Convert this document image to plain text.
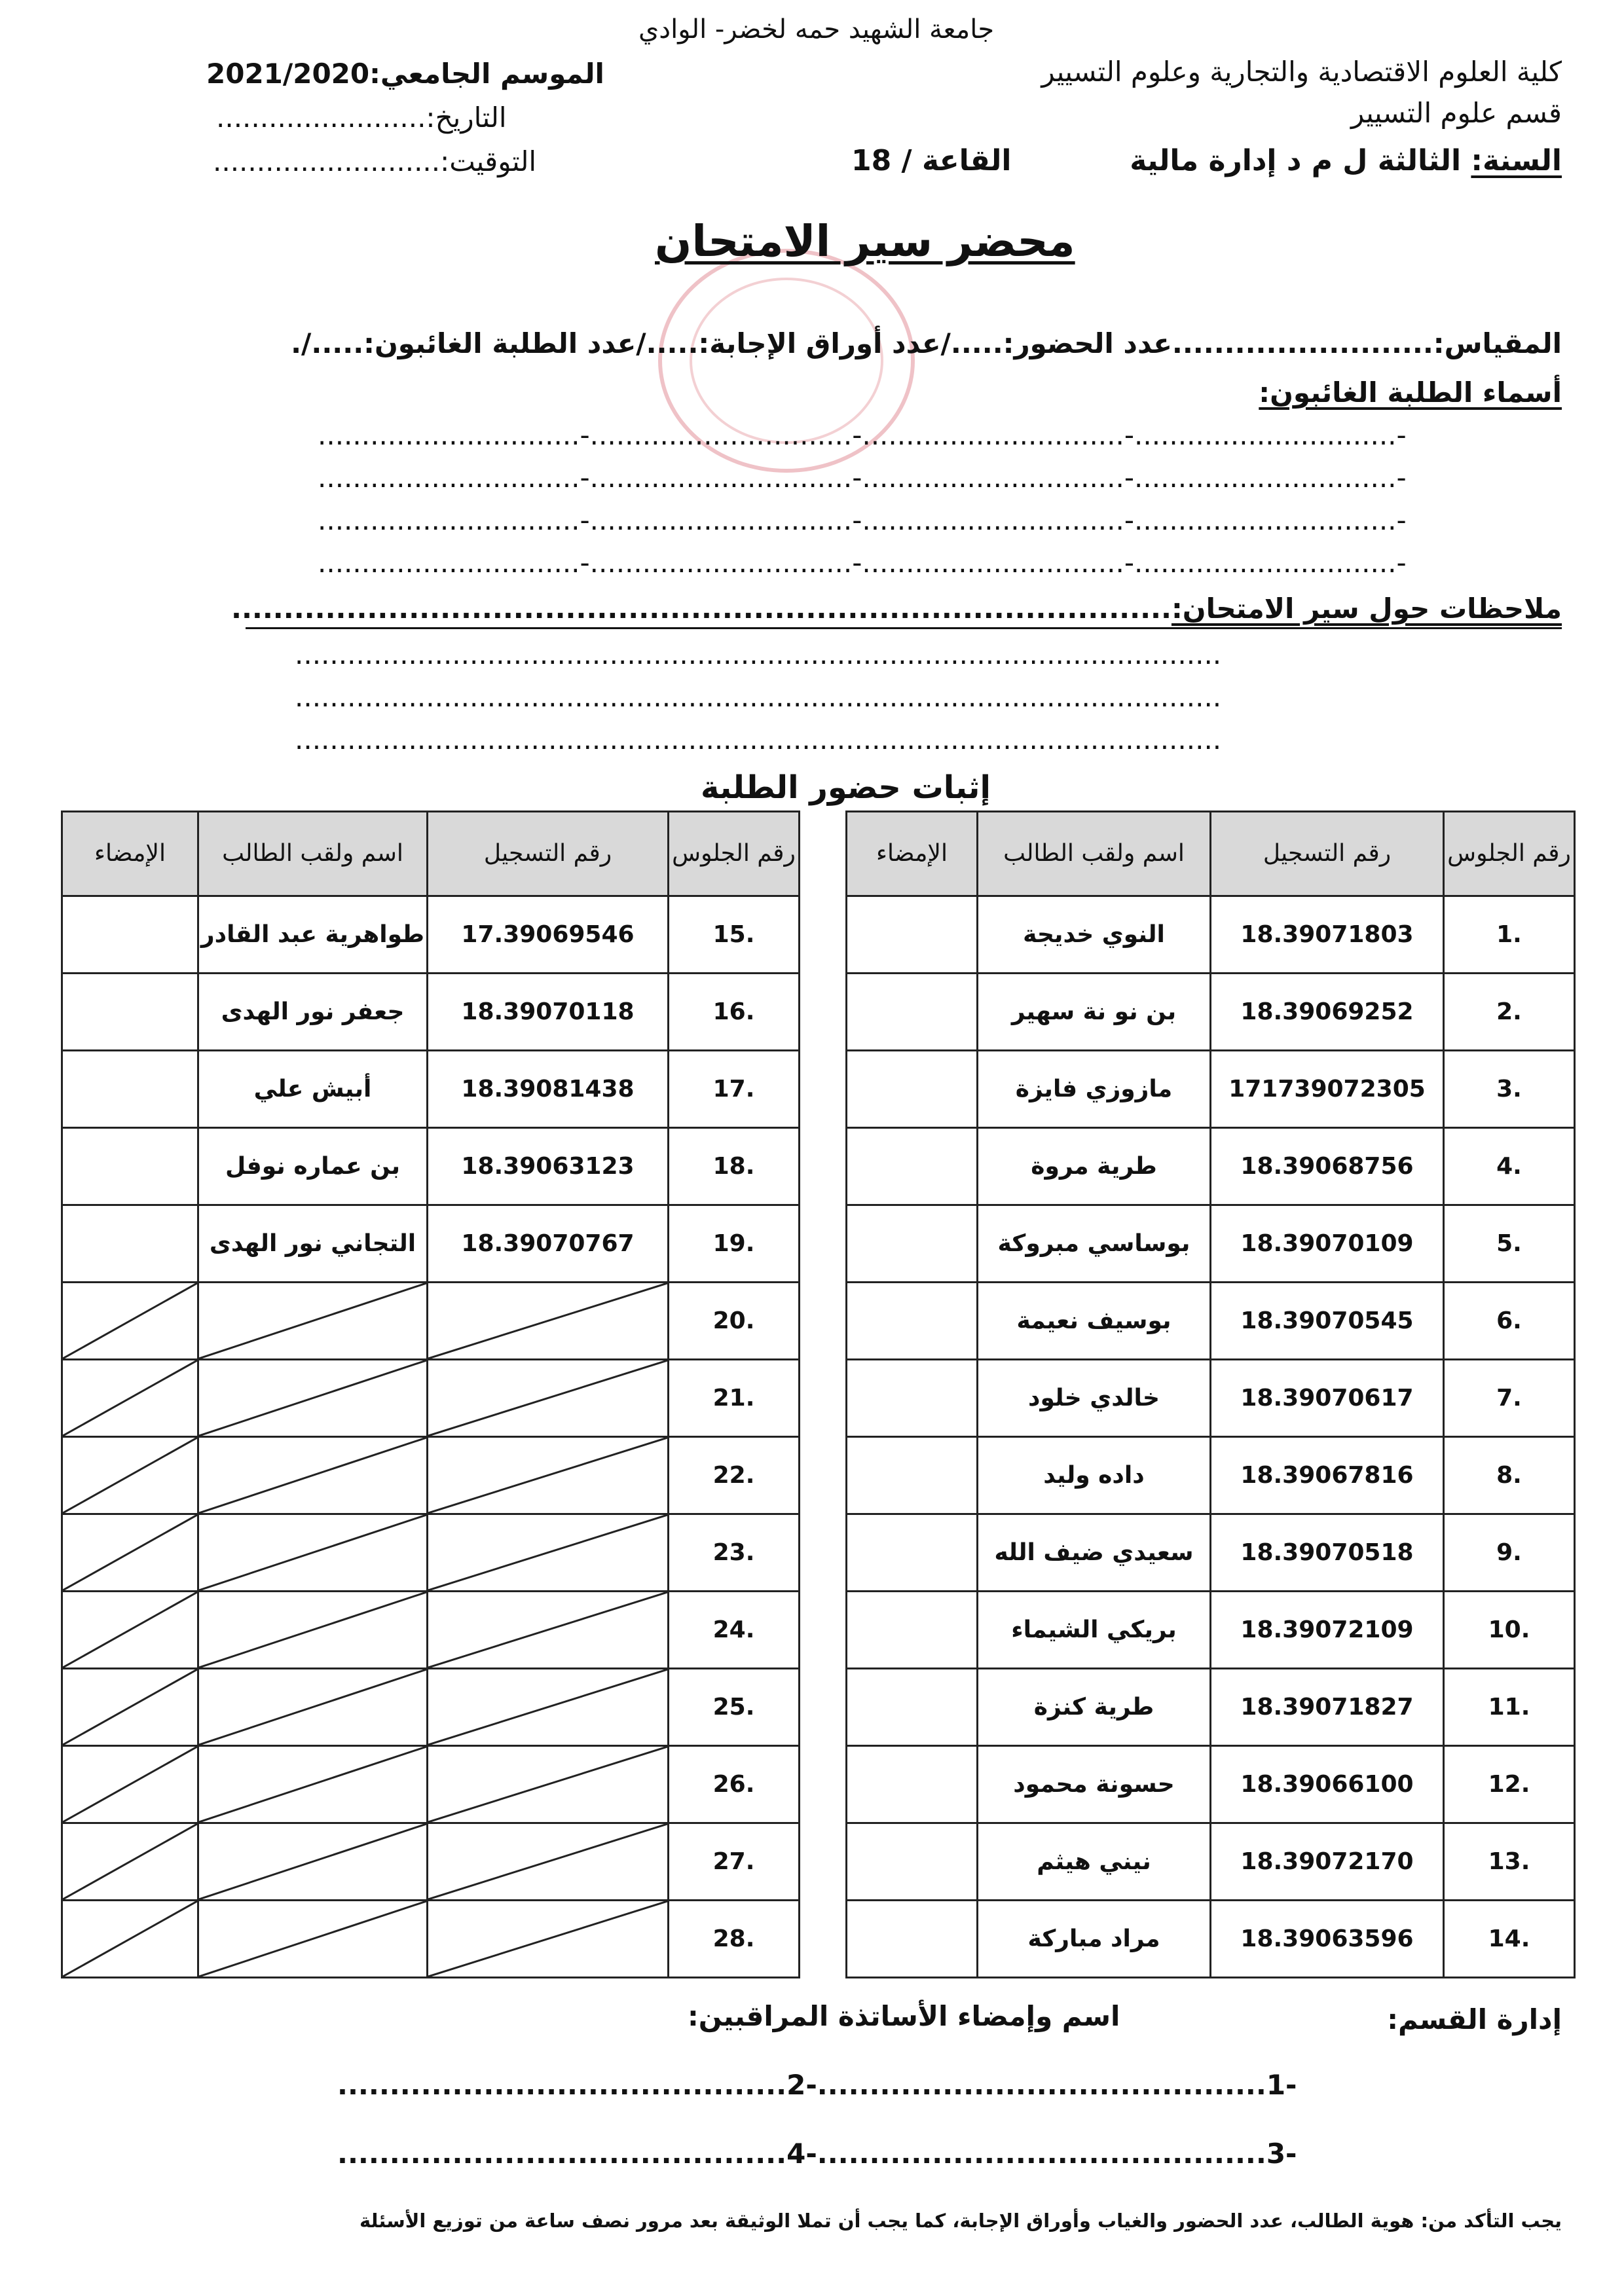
جامعة الشهيد حمه لخضر- الوادي
كلية العلوم الاقتصادية والتجارية وعلوم التسيير
قسم علوم التسيير
السنة: الثالثة ل م د إدارة مالية
القاعة / 18
الموسم الجامعي:2021/2020
التاريخ:........................
التوقيت:..........................
محضر سير الامتحان
المقياس:.........................عدد الحضور:...../عدد أوراق الإجابة:...../عدد الطلبة الغائبون:...../.
أسماء الطلبة الغائبون:
-..............................-..............................-..............................-..............................
-..............................-..............................-..............................-..............................
-..............................-..............................-..............................-..............................
-..............................-..............................-..............................-..............................
ملاحظات حول سير الامتحان:..........................................................................................
..........................................................................................................
..........................................................................................................
..........................................................................................................
إثبات حضور الطلبة
رقم الجلوس	رقم التسجيل	اسم ولقب الطالب	الإمضاء
1.	18.39071803	النوي خديجة	
2.	18.39069252	بن نو نة سهير	
3.	171739072305	مازوزي فايزة	
4.	18.39068756	طرية مروة	
5.	18.39070109	بوساسي مبروكة	
6.	18.39070545	بوسيف نعيمة	
7.	18.39070617	خالدي خلود	
8.	18.39067816	داده وليد	
9.	18.39070518	سعيدي ضيف الله	
10.	18.39072109	بريكي الشيماء	
11.	18.39071827	طرية كنزة	
12.	18.39066100	حسونة محمود	
13.	18.39072170	نيني هيثم	
14.	18.39063596	مراد مباركة	
رقم الجلوس	رقم التسجيل	اسم ولقب الطالب	الإمضاء
15.	17.39069546	طواهرية عبد القادر	
16.	18.39070118	جعفر نور الهدى	
17.	18.39081438	أبيش علي	
18.	18.39063123	بن عماره نوفل	
19.	18.39070767	التجاني نور الهدى	
20.	

21.	

22.	

23.	

24.	

25.	

26.	

27.	

28.	

إدارة القسم:
اسم وإمضاء الأساتذة المراقبين:
-1...........................................-2...........................................
-3...........................................-4...........................................
يجب التأكد من: هوية الطالب، عدد الحضور والغياب وأوراق الإجابة، كما يجب أن تملا الوثيقة بعد مرور نصف ساعة من توزيع الأسئلة
